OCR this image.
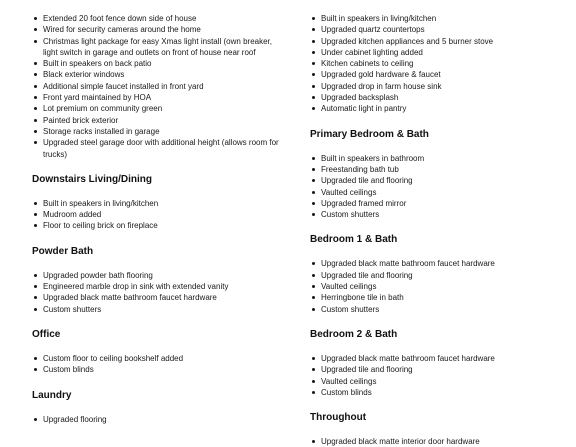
Extended 20 foot fence down side of house
Wired for security cameras around the home
Christmas light package for easy Xmas light install (own breaker, light switch in garage and outlets on front of house near roof
Built in speakers on back patio
Black exterior windows
Additional simple faucet installed in front yard
Front yard maintained by HOA
Lot premium on community green
Painted brick exterior
Storage racks installed in garage
Upgraded steel garage door with additional height (allows room for trucks)
Downstairs Living/Dining
Built in speakers in living/kitchen
Mudroom added
Floor to ceiling brick on fireplace
Powder Bath
Upgraded powder bath flooring
Engineered marble drop in sink with extended vanity
Upgraded black matte bathroom faucet hardware
Custom shutters
Office
Custom floor to ceiling bookshelf added
Custom blinds
Laundry
Upgraded flooring
Built in speakers in living/kitchen
Upgraded quartz countertops
Upgraded kitchen appliances and 5 burner stove
Under cabinet lighting added
Kitchen cabinets to ceiling
Upgraded gold hardware & faucet
Upgraded drop in farm house sink
Upgraded backsplash
Automatic light in pantry
Primary Bedroom & Bath
Built in speakers in bathroom
Freestanding bath tub
Upgraded tile and flooring
Vaulted ceilings
Upgraded framed mirror
Custom shutters
Bedroom 1 & Bath
Upgraded black matte bathroom faucet hardware
Upgraded tile and flooring
Vaulted ceilings
Herringbone tile in bath
Custom shutters
Bedroom 2 & Bath
Upgraded black matte bathroom faucet hardware
Upgraded tile and flooring
Vaulted ceilings
Custom blinds
Throughout
Upgraded black matte interior door hardware
